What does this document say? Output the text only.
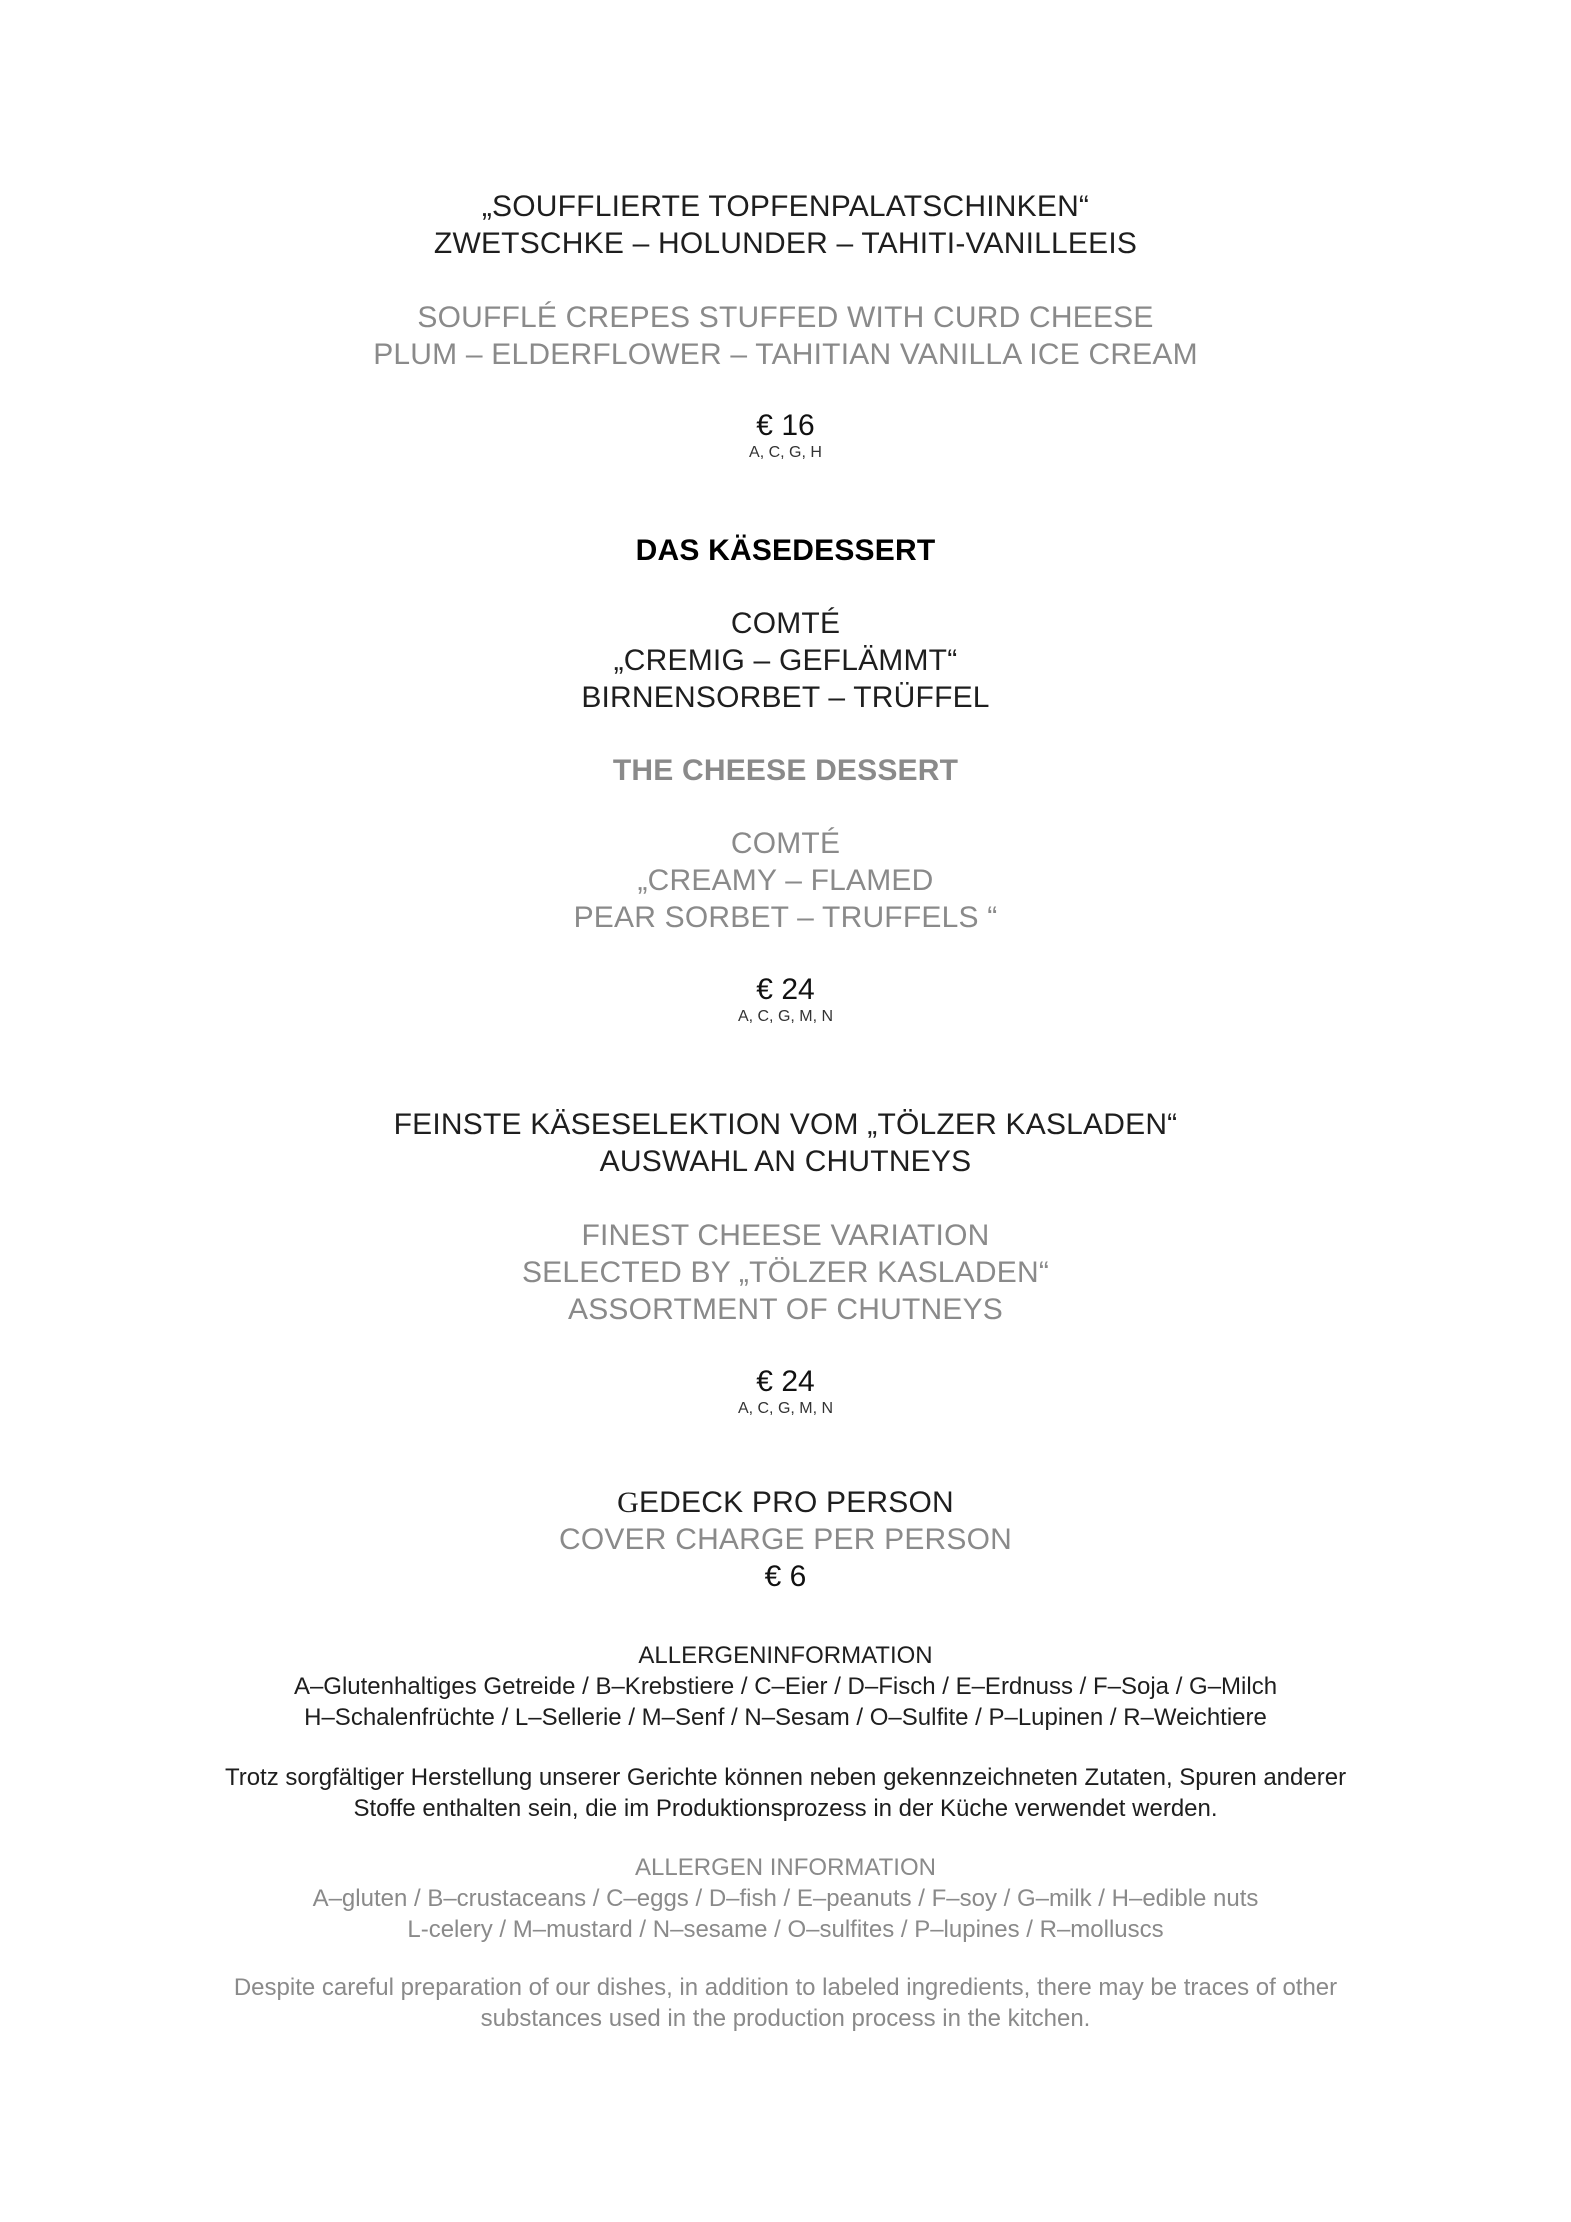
„SOUFFLIERTE TOPFENPALATSCHINKEN“
ZWETSCHKE – HOLUNDER – TAHITI-VANILLEEIS
SOUFFLÉ CREPES STUFFED WITH CURD CHEESE
PLUM – ELDERFLOWER – TAHITIAN VANILLA ICE CREAM
€ 16
A, C, G, H
DAS KÄSEDESSERT
COMTÉ
„CREMIG – GEFLÄMMT“
BIRNENSORBET – TRÜFFEL
THE CHEESE DESSERT
COMTÉ
„CREAMY – FLAMED
PEAR SORBET – TRUFFELS “
€ 24
A, C, G, M, N
FEINSTE KÄSESELEKTION VOM „TÖLZER KASLADEN“
AUSWAHL AN CHUTNEYS
FINEST CHEESE VARIATION
SELECTED BY „TÖLZER KASLADEN“
ASSORTMENT OF CHUTNEYS
€ 24
A, C, G, M, N
GEDECK PRO PERSON
COVER CHARGE PER PERSON
€ 6
ALLERGENINFORMATION
A–Glutenhaltiges Getreide / B–Krebstiere / C–Eier / D–Fisch / E–Erdnuss / F–Soja / G–Milch
H–Schalenfrüchte / L–Sellerie / M–Senf / N–Sesam / O–Sulfite / P–Lupinen / R–Weichtiere
Trotz sorgfältiger Herstellung unserer Gerichte können neben gekennzeichneten Zutaten, Spuren anderer
Stoffe enthalten sein, die im Produktionsprozess in der Küche verwendet werden.
ALLERGEN INFORMATION
A–gluten / B–crustaceans / C–eggs / D–fish / E–peanuts / F–soy / G–milk / H–edible nuts
L-celery / M–mustard / N–sesame / O–sulfites / P–lupines / R–molluscs
Despite careful preparation of our dishes, in addition to labeled ingredients, there may be traces of other
substances used in the production process in the kitchen.
